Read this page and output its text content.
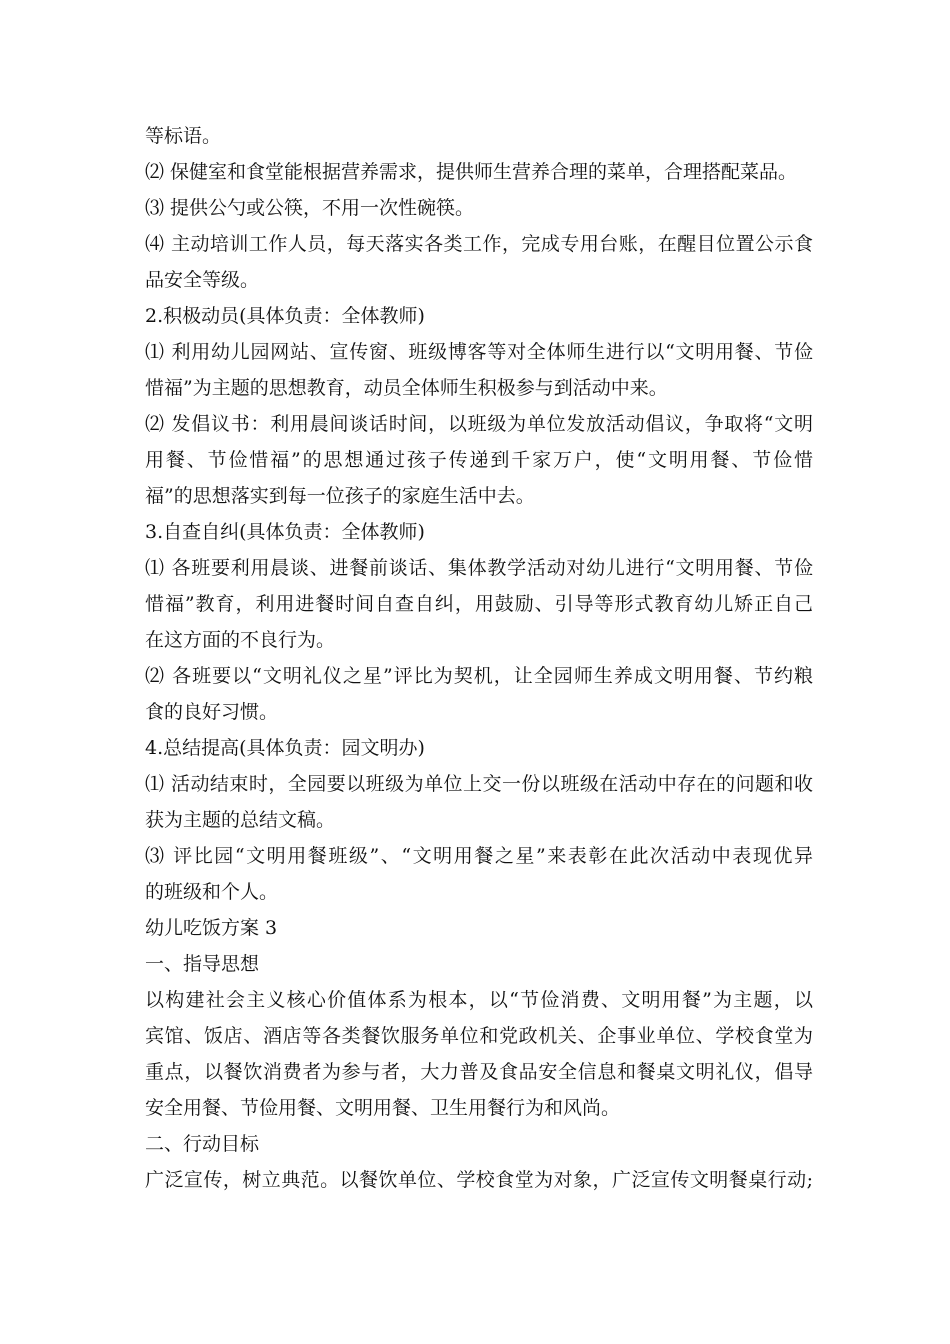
等标语。
⑵ 保健室和食堂能根据营养需求，提供师生营养合理的菜单，合理搭配菜品。
⑶ 提供公勺或公筷，不用一次性碗筷。
⑷ 主动培训工作人员，每天落实各类工作，完成专用台账，在醒目位置公示食
品安全等级。
2.积极动员(具体负责：全体教师)
⑴ 利用幼儿园网站、宣传窗、班级博客等对全体师生进行以“文明用餐、节俭
惜福”为主题的思想教育，动员全体师生积极参与到活动中来。
⑵ 发倡议书：利用晨间谈话时间，以班级为单位发放活动倡议，争取将“文明
用餐、节俭惜福”的思想通过孩子传递到千家万户，使“文明用餐、节俭惜
福”的思想落实到每一位孩子的家庭生活中去。
3.自查自纠(具体负责：全体教师)
⑴ 各班要利用晨谈、进餐前谈话、集体教学活动对幼儿进行“文明用餐、节俭
惜福”教育，利用进餐时间自查自纠，用鼓励、引导等形式教育幼儿矫正自己
在这方面的不良行为。
⑵ 各班要以“文明礼仪之星”评比为契机，让全园师生养成文明用餐、节约粮
食的良好习惯。
4.总结提高(具体负责：园文明办)
⑴ 活动结束时，全园要以班级为单位上交一份以班级在活动中存在的问题和收
获为主题的总结文稿。
⑶ 评比园“文明用餐班级”、“文明用餐之星”来表彰在此次活动中表现优异
的班级和个人。
幼儿吃饭方案 3
一、指导思想
以构建社会主义核心价值体系为根本，以“节俭消费、文明用餐”为主题，以
宾馆、饭店、酒店等各类餐饮服务单位和党政机关、企事业单位、学校食堂为
重点，以餐饮消费者为参与者，大力普及食品安全信息和餐桌文明礼仪，倡导
安全用餐、节俭用餐、文明用餐、卫生用餐行为和风尚。
二、行动目标
广泛宣传，树立典范。以餐饮单位、学校食堂为对象，广泛宣传文明餐桌行动;
